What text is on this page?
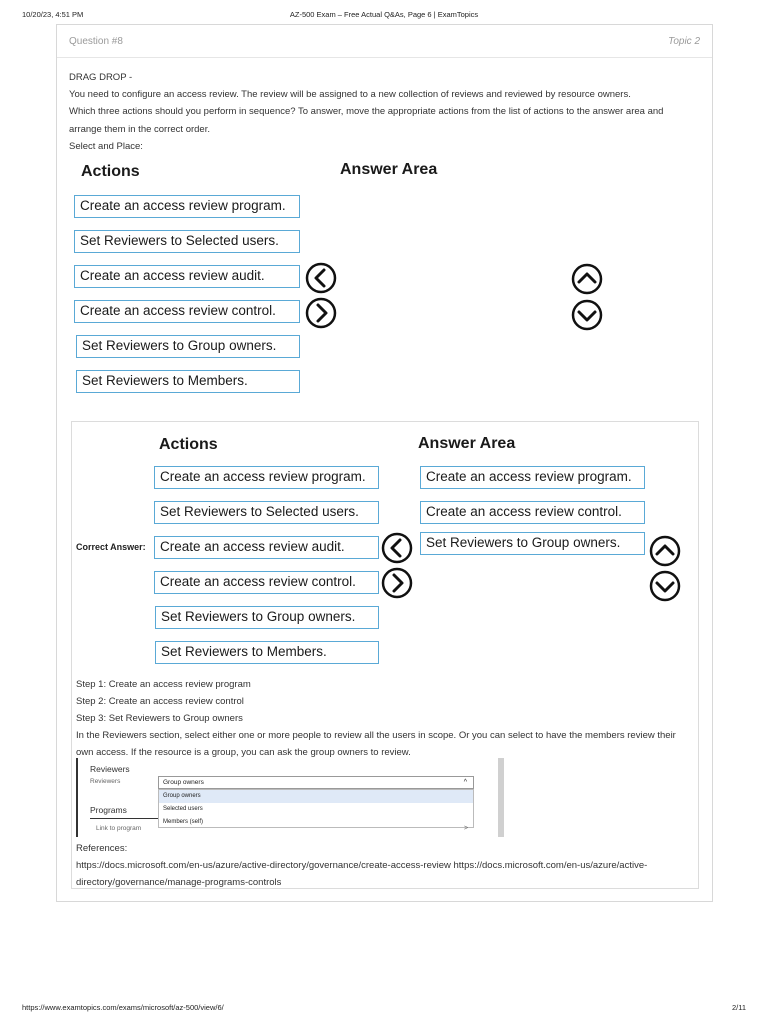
10/20/23, 4:51 PM	AZ-500 Exam – Free Actual Q&As, Page 6 | ExamTopics
Question #8	Topic 2

DRAG DROP -

You need to configure an access review. The review will be assigned to a new collection of reviews and reviewed by resource owners.

Which three actions should you perform in sequence? To answer, move the appropriate actions from the list of actions to the answer area and arrange them in the correct order.

Select and Place:

Actions	Answer Area
Create an access review program.
Set Reviewers to Selected users.
Create an access review audit.
Create an access review control.
Set Reviewers to Group owners.
Set Reviewers to Members.
Correct Answer:
Actions	Answer Area
Create an access review program.
Set Reviewers to Selected users.
Create an access review audit.
Create an access review control.
Set Reviewers to Group owners.
Set Reviewers to Members.
Create an access review program.
Create an access review control.
Set Reviewers to Group owners.

Step 1: Create an access review program

Step 2: Create an access review control

Step 3: Set Reviewers to Group owners

In the Reviewers section, select either one or more people to review all the users in scope. Or you can select to have the members review their own access. If the resource is a group, you can ask the group owners to review.

Reviewers
Reviewers	Group owners	^
Group owners
Selected users
Members (self)
Programs
Link to program	>

References:

https://docs.microsoft.com/en-us/azure/active-directory/governance/create-access-review https://docs.microsoft.com/en-us/azure/active-directory/governance/manage-programs-controls

https://www.examtopics.com/exams/microsoft/az-500/view/6/	2/11
